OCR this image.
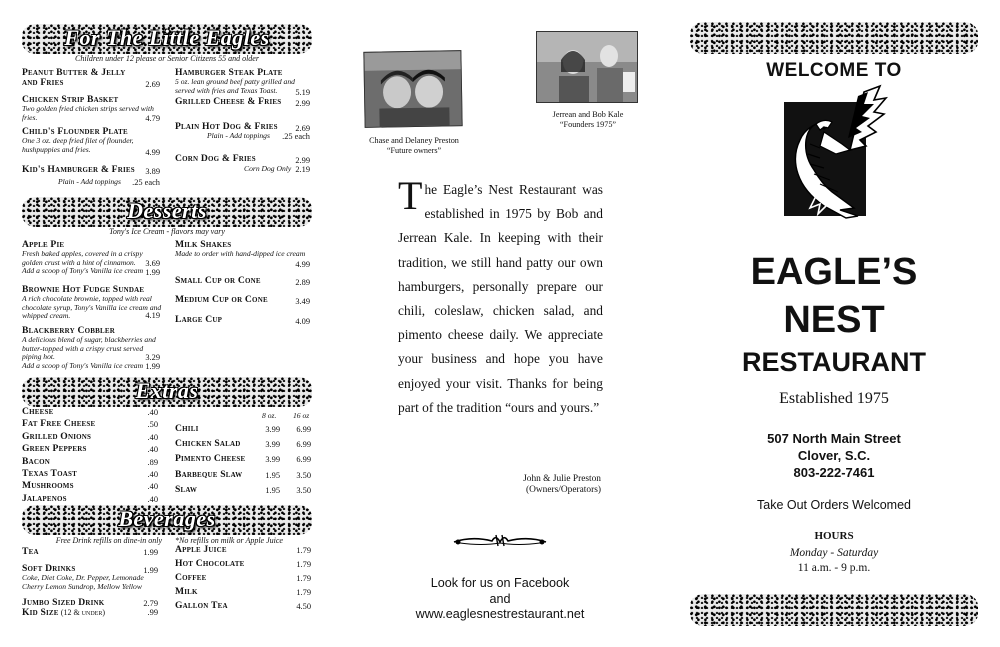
For The Little Eagles
Children under 12 please or Senior Citizens 55 and older
Peanut Butter & Jelly
and Fries	2.69
Chicken Strip Basket
Two golden fried chicken strips served with fries.	4.79
Child's Flounder Plate
One 3 oz. deep fried filet of flounder, hushpuppies and fries.	4.99
Kid's Hamburger & Fries	3.89
Plain - Add toppings	.25 each
Hamburger Steak Plate
5 oz. lean ground beef patty grilled and served with fries and Texas Toast.	5.19
Grilled Cheese & Fries	2.99
Plain Hot Dog & Fries	2.69
Plain - Add toppings	.25 each
Corn Dog & Fries	2.99
Corn Dog Only 2.19
Desserts
Tony's Ice Cream - flavors may vary
Apple Pie
Fresh baked apples, covered in a crispy golden crust with a hint of cinnamon.
Add a scoop of Tony's Vanilla ice cream
3.69
1.99
Brownie Hot Fudge Sundae
A rich chocolate brownie, topped with real chocolate syrup, Tony's Vanilla ice cream and whipped cream.	4.19
Blackberry Cobbler
A delicious blend of sugar, blackberries and butter-topped with a crispy crust served piping hot.
Add a scoop of Tony's Vanilla ice cream
3.29
1.99
Milk Shakes
Made to order with hand-dipped ice cream
4.99
Small Cup or Cone	2.89
Medium Cup or Cone	3.49
Large Cup	4.09
Extras
8 oz. 16 oz
Cheese	.40
Fat Free Cheese	.50
Grilled Onions	.40
Green Peppers	.40
Bacon	.89
Texas Toast	.40
Mushrooms	.40
Jalapenos	.40
Chili	3.99	6.99
Chicken Salad	3.99	6.99
Pimento Cheese	3.99	6.99
Barbeque Slaw	1.95	3.50
Slaw	1.95	3.50
Beverages
Free Drink refills on dine-in only *No refills on milk or Apple Juice
Tea	1.99
Soft Drinks
Coke, Diet Coke, Dr. Pepper, Lemonade Cherry Lemon Sundrop, Mellow Yellow
1.99
Jumbo Sized Drink	2.79
Kid Size (12 & under)	.99
Apple Juice	1.79
Hot Chocolate	1.79
Coffee	1.79
Milk	1.79
Gallon Tea	4.50
Chase and Delaney Preston
“Future owners”
Jerrean and Bob Kale
“Founders 1975”
T he Eagle’s Nest Restaurant was established in 1975 by Bob and Jerrean Kale. In keeping with their tradition, we still hand patty our own hamburgers, personally prepare our chili, coleslaw, chicken salad, and pimento cheese daily. We appreciate your business and hope you have enjoyed your visit. Thanks for being part of the tradition “ours and yours.”
John & Julie Preston
(Owners/Operators)
Look for us on Facebook
and
www.eaglesnestrestaurant.net
WELCOME TO
EAGLE’S
NEST
RESTAURANT
Established 1975
507 North Main Street
Clover, S.C.
803-222-7461
Take Out Orders Welcomed
HOURS
Monday - Saturday
11 a.m. - 9 p.m.
